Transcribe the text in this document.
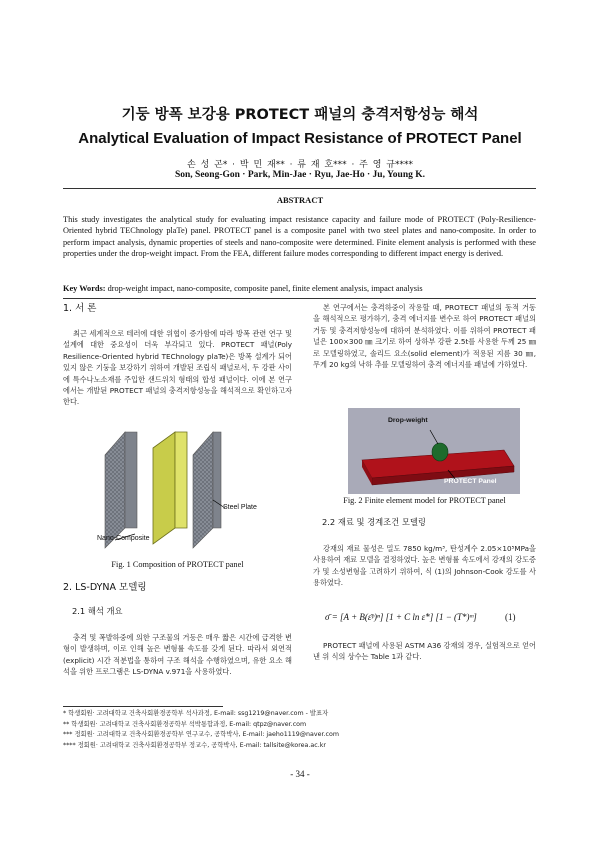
기둥 방폭 보강용 PROTECT 패널의 충격저항성능 해석
Analytical Evaluation of Impact Resistance of PROTECT Panel
손 성 곤* · 박 민 재** · 류 재 호*** · 주 영 규****
Son, Seong-Gon · Park, Min-Jae · Ryu, Jae-Ho · Ju, Young K.
ABSTRACT
This study investigates the analytical study for evaluating impact resistance capacity and failure mode of PROTECT (Poly-Resilience-Oriented hybrid TEChnology plaTe) panel. PROTECT panel is a composite panel with two steel plates and nano-composite. In order to perform impact analysis, dynamic properties of steels and nano-composite were determined. Finite element analysis is performed with these properties under the drop-weight impact. From the FEA, different failure modes corresponding to different impact energy is derived.
Key Words: drop-weight impact, nano-composite, composite panel, finite element analysis, impact analysis
1. 서 론
최근 세계적으로 테러에 대한 위협이 증가함에 따라 방폭 관련 연구 및 설계에 대한 중요성이 더욱 부각되고 있다. PROTECT 패널(Poly Resilience-Oriented hybrid TEChnology plaTe)은 방폭 설계가 되어 있지 않은 기둥을 보강하기 위하여 개발된 조립식 패널로서, 두 강판 사이에 특수나노소재를 주입한 샌드위치 형태의 합성 패널이다. 이에 본 연구에서는 개발된 PROTECT 패널의 충격저항성능을 해석적으로 확인하고자 한다.
Steel Plate
Nano-Composite
Fig. 1 Composition of PROTECT panel
2. LS-DYNA 모델링
2.1 해석 개요
충격 및 폭발하중에 의한 구조물의 거동은 매우 짧은 시간에 급격한 변형이 발생하며, 이로 인해 높은 변형률 속도를 갖게 된다. 따라서 외연적(explicit) 시간 적분법을 통하여 구조 해석을 수행하였으며, 유한 요소 해석을 위한 프로그램은 LS-DYNA v.971을 사용하였다.
본 연구에서는 충격하중이 작용할 때, PROTECT 패널의 동적 거동을 해석적으로 평가하기, 충격 에너지를 변수로 하여 PROTECT 패널의 거동 및 충격저항성능에 대하여 분석하였다. 이를 위하여 PROTECT 패널은 100×300 ㎜ 크기로 하여 상하부 강판 2.5t를 사용한 두께 25 ㎜로 모델링하였고, 솔리드 요소(solid element)가 적용된 지름 30 ㎜, 무게 20 kg의 낙하 추를 모델링하여 충격 에너지를 패널에 가하였다.
Drop-weight
PROTECT Panel
Fig. 2 Finite element model for PROTECT panel
2.2 재료 및 경계조건 모델링
강재의 재료 물성은 밀도 7850 kg/m³, 탄성계수 2.05×10⁵MPa을 사용하여 재료 모델을 결정하였다. 높은 변형률 속도에서 강재의 강도증가 및 소성변형을 고려하기 위하여, 식 (1)의 Johnson-Cook 강도를 사용하였다.
σ̄ = [A + B(ε̄ᵖ)ⁿ] [1 + C ln ε̇*] [1 − (T*)ᵐ]	(1)
PROTECT 패널에 사용된 ASTM A36 강재의 경우, 실험적으로 얻어낸 위 식의 상수는 Table 1과 같다.
* 학생회원· 고려대학교 건축사회환경공학부 석사과정, E-mail: ssg1219@naver.com - 발표자
** 학생회원· 고려대학교 건축사회환경공학부 석박통합과정, E-mail: qtpz@naver.com
*** 정회원· 고려대학교 건축사회환경공학부 연구교수, 공학박사, E-mail: jaeho1119@naver.com
**** 정회원· 고려대학교 건축사회환경공학부 정교수, 공학박사, E-mail: tallsite@korea.ac.kr
- 34 -
